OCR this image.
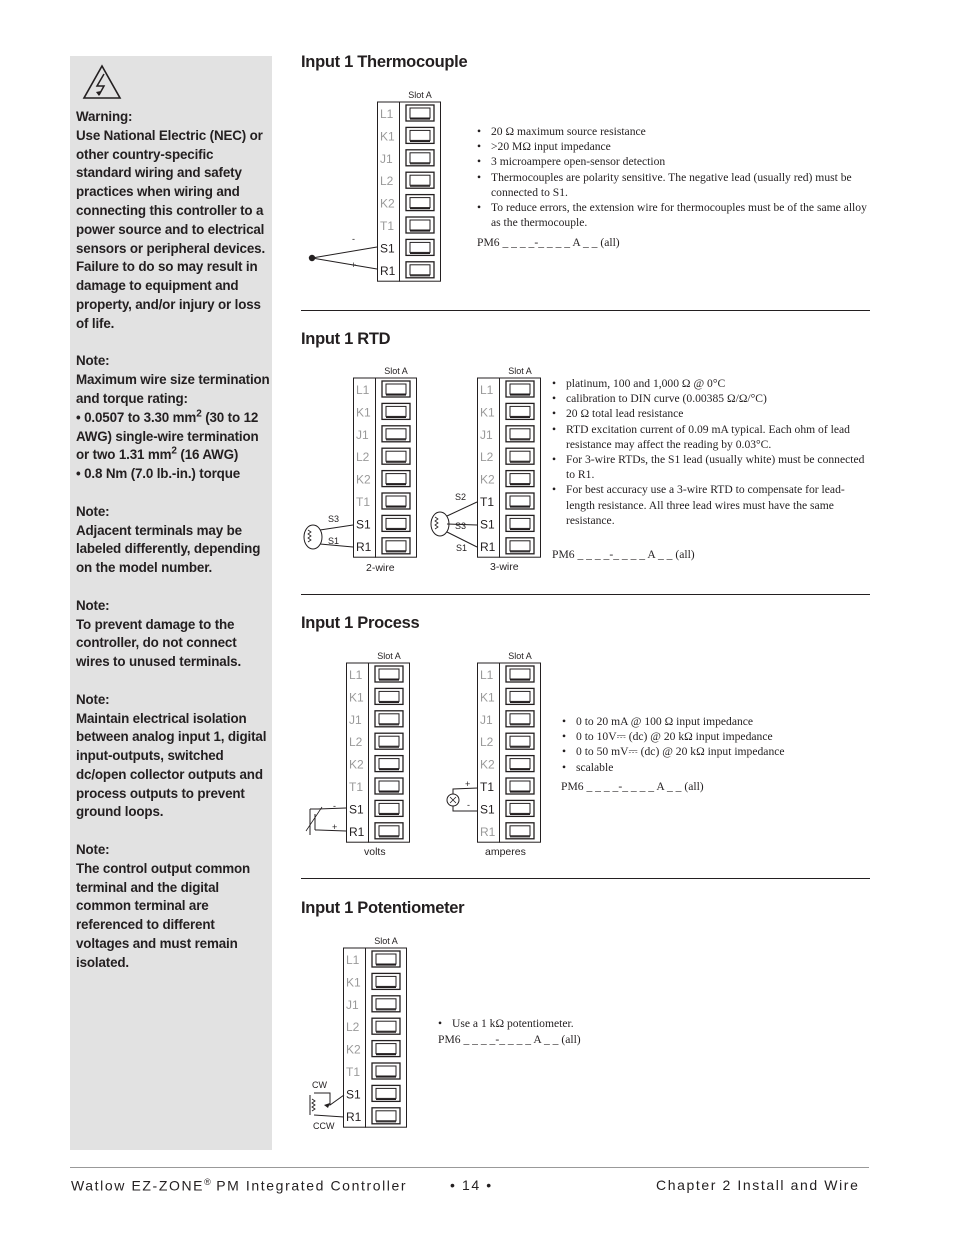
Warning:
Use National Electric (NEC) or other country-specific standard wiring and safety practices when wiring and connecting this controller to a power source and to electrical sensors or peripheral devices. Failure to do so may result in damage to equipment and property, and/or injury or loss of life.

Note:
Maximum wire size termination and torque rating:
• 0.0507 to 3.30 $mm^2$ (30 to 12 AWG) single-wire termination or two 1.31 $mm^2$ (16 AWG)
• 0.8 Nm (7.0 lb.-in.) torque

Note:
Adjacent terminals may be labeled differently, depending on the model number.

Note:
To prevent damage to the controller, do not connect wires to unused terminals.

Note:
Maintain electrical isolation between analog input 1, digital input-outputs, switched dc/open collector outputs and process outputs to prevent ground loops.

Note:
The control output common terminal and the digital common terminal are referenced to different voltages and must remain isolated.

Input 1 Thermocouple
Slot A
L1
K1
J1
L2
K2
T1
S1
R1
-
+
• 20 Ω maximum source resistance
• >20 MΩ input impedance
• 3 microampere open-sensor detection
• Thermocouples are polarity sensitive. The negative lead (usually red) must be connected to S1.
• To reduce errors, the extension wire for thermocouples must be of the same alloy as the thermocouple.

PM6 _ _ _ _-_ _ _ _ A _ _ (all)

Input 1 RTD
Slot A
L1
K1
J1
L2
K2
T1
S1
R1
Slot A
L1
K1
J1
L2
K2
T1
S1
R1
S3
S1
2-wire
S2
S3
S1
3-wire
• platinum, 100 and 1,000 Ω @ 0°C
• calibration to DIN curve (0.00385 Ω/Ω/°C)
• 20 Ω total lead resistance
• RTD excitation current of 0.09 mA typical. Each ohm of lead resistance may affect the reading by 0.03°C.
• For 3-wire RTDs, the S1 lead (usually white) must be connected to R1.
• For best accuracy use a 3-wire RTD to compensate for lead-length resistance. All three lead wires must have the same resistance.

PM6 _ _ _ _-_ _ _ _ A _ _ (all)

Input 1 Process
Slot A
L1
K1
J1
L2
K2
T1
S1
R1
Slot A
L1
K1
J1
L2
K2
T1
S1
R1
-
+
volts
+
-
amperes
• 0 to 20 mA @ 100 Ω input impedance
• 0 to 10V⎓ (dc) @ 20 kΩ input impedance
• 0 to 50 mV⎓ (dc) @ 20 kΩ input impedance
• scalable

PM6 _ _ _ _-_ _ _ _ A _ _ (all)

Input 1 Potentiometer
Slot A
L1
K1
J1
L2
K2
T1
S1
R1
CW
CCW
• Use a 1 kΩ potentiometer.

PM6 _ _ _ _-_ _ _ _ A _ _ (all)

Watlow EZ-ZONE® PM Integrated Controller	• 14 •	Chapter 2 Install and Wire
